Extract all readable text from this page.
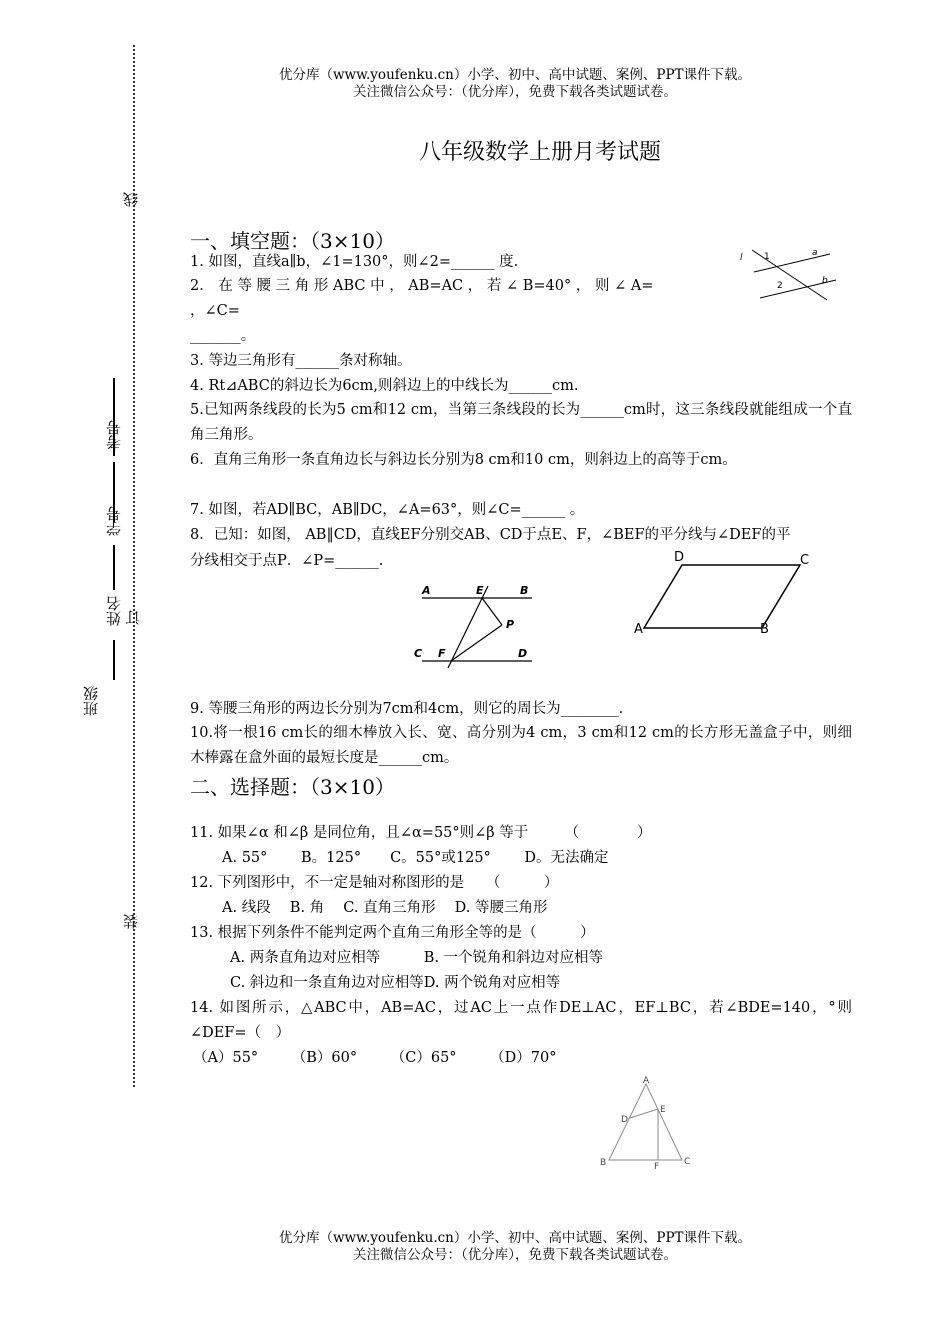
优分库（www.youfenku.cn）小学、初中、高中试题、案例、PPT课件下载。
关注微信公众号：（优分库），免费下载各类试题试卷。
线
考号
学号
姓名 订
班级
装
八年级数学上册月考试题
一、填空题：（3×10）
1. 如图，直线a∥b，∠1=130°，则∠2=______ 度.
2． 在 等 腰 三 角 形 ABC 中 ， AB=AC ， 若 ∠ B=40° ， 则 ∠ A=
，∠C=
_______。
3. 等边三角形有______条对称轴。
4. Rt⊿ABC的斜边长为6cm,则斜边上的中线长为______cm.
5.已知两条线段的长为5 cm和12 cm，当第三条线段的长为______cm时，这三条线段就能组成一个直角三角形。
6．直角三角形一条直角边长与斜边长分别为8 cm和10 cm，则斜边上的高等于cm。
7. 如图，若AD∥BC，AB∥DC，∠A=63°，则∠C=______ 。
8．已知：如图， AB‖CD，直线EF分别交AB、CD于点E、F，∠BEF的平分线与∠DEF的平
分线相交于点P．∠P=______.
l 1	a
2	b
A	B
C
D
A	E	B
P
C F	D
9. 等腰三角形的两边长分别为7cm和4cm，则它的周长为________.
10.将一根16 cm长的细木棒放入长、宽、高分别为4 cm，3 cm和12 cm的长方形无盖盒子中，则细木棒露在盒外面的最短长度是______cm。
二、选择题：（3×10）
11. 如果∠α 和∠β 是同位角，且∠α=55°则∠β 等于　　　（　　　　）
A. 55°　　 B。125°　　C。55°或125°　　 D。无法确定
12. 下列图形中，不一定是轴对称图形的是　　（　　　）
A. 线段　 B. 角　 C. 直角三角形　 D. 等腰三角形
13. 根据下列条件不能判定两个直角三角形全等的是（　　　）
A. 两条直角边对应相等　　　B. 一个锐角和斜边对应相等
C. 斜边和一条直角边对应相等D. 两个锐角对应相等
14. 如图所示，△ABC中，AB=AC，过AC上一点作DE⊥AC，EF⊥BC，若∠BDE=140，°则∠DEF=（　）
（A）55°　　 （B）60°　　 （C）65°　　 （D）70°
A
D
E
B	F	C
优分库（www.youfenku.cn）小学、初中、高中试题、案例、PPT课件下载。
关注微信公众号：（优分库），免费下载各类试题试卷。
